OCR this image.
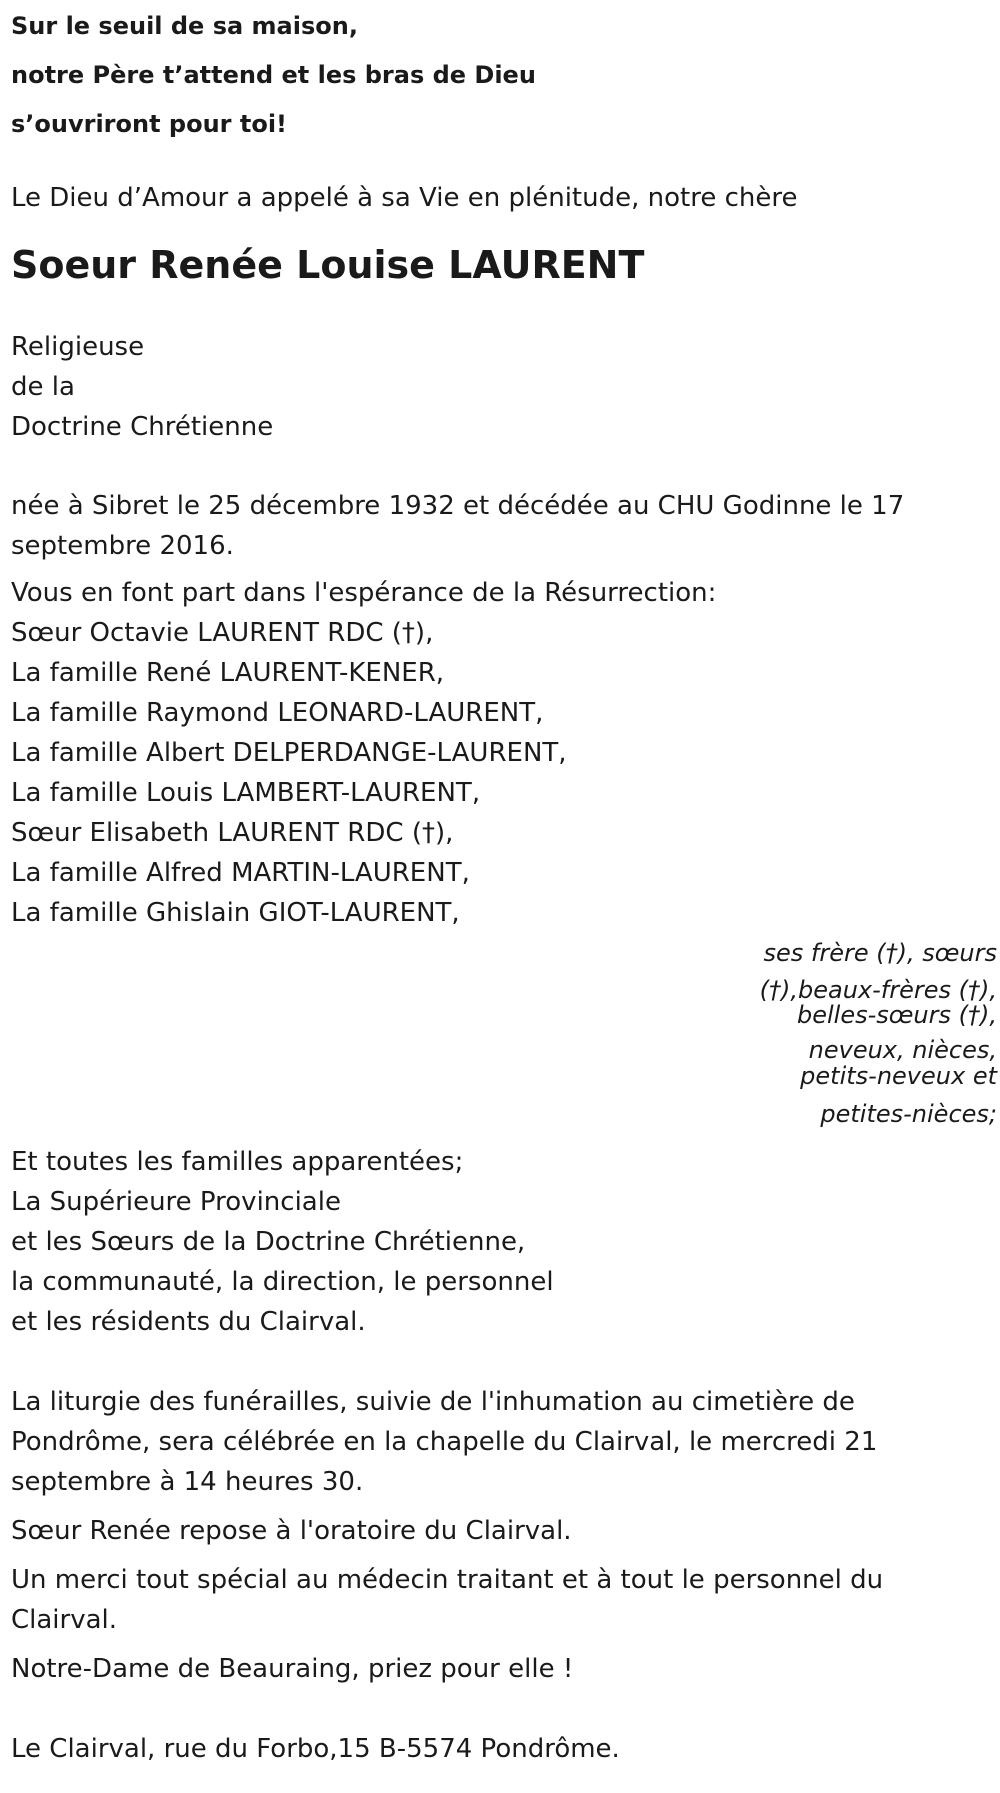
Sur le seuil de sa maison,
notre Père t’attend et les bras de Dieu
s’ouvriront pour toi!
Le Dieu d’Amour a appelé à sa Vie en plénitude, notre chère
Soeur Renée Louise LAURENT
Religieuse
de la
Doctrine Chrétienne
née à Sibret le 25 décembre 1932 et décédée au CHU Godinne le 17 septembre 2016.
Vous en font part dans l'espérance de la Résurrection:
Sœur Octavie LAURENT RDC (†),
La famille René LAURENT-KENER,
La famille Raymond LEONARD-LAURENT,
La famille Albert DELPERDANGE-LAURENT,
La famille Louis LAMBERT-LAURENT,
Sœur Elisabeth LAURENT RDC (†),
La famille Alfred MARTIN-LAURENT,
La famille Ghislain GIOT-LAURENT,
ses frère (†), sœurs
(†),beaux-frères (†),
belles-sœurs (†),
neveux, nièces,
petits-neveux et
petites-nièces;
Et toutes les familles apparentées;
La Supérieure Provinciale
et les Sœurs de la Doctrine Chrétienne,
la communauté, la direction, le personnel
et les résidents du Clairval.
La liturgie des funérailles, suivie de l'inhumation au cimetière de Pondrôme, sera célébrée en la chapelle du Clairval, le mercredi 21 septembre à 14 heures 30.
Sœur Renée repose à l'oratoire du Clairval.
Un merci tout spécial au médecin traitant et à tout le personnel du Clairval.
Notre-Dame de Beauraing, priez pour elle !
Le Clairval, rue du Forbo,15 B-5574 Pondrôme.
